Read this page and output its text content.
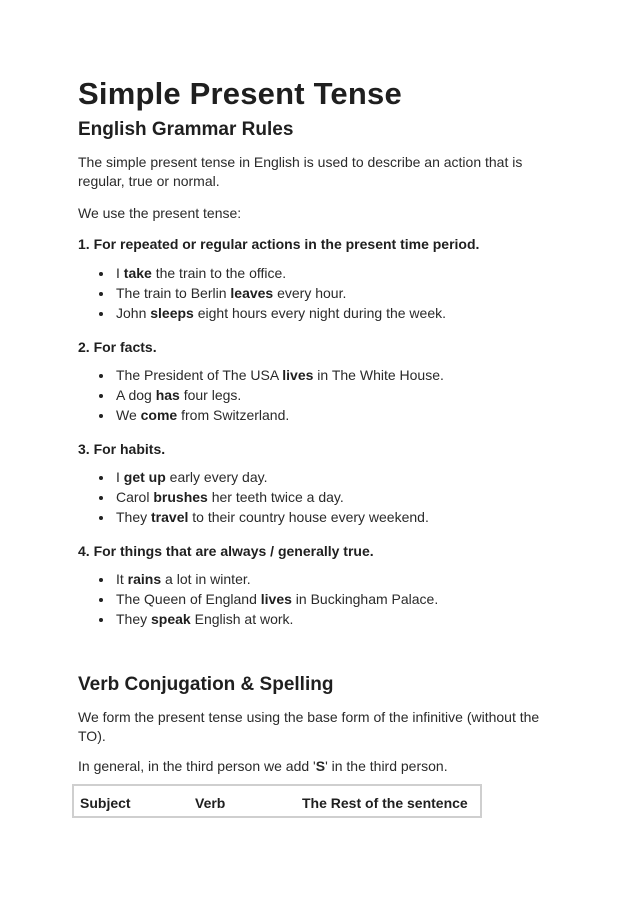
Simple Present Tense
English Grammar Rules

The simple present tense in English is used to describe an action that is regular, true or normal.

We use the present tense:

1. For repeated or regular actions in the present time period.

I take the train to the office.
The train to Berlin leaves every hour.
John sleeps eight hours every night during the week.

2. For facts.

The President of The USA lives in The White House.
A dog has four legs.
We come from Switzerland.

3. For habits.

I get up early every day.
Carol brushes her teeth twice a day.
They travel to their country house every weekend.

4. For things that are always / generally true.

It rains a lot in winter.
The Queen of England lives in Buckingham Palace.
They speak English at work.
Verb Conjugation & Spelling

We form the present tense using the base form of the infinitive (without the TO).

In general, in the third person we add 'S' in the third person.

Subject	Verb	The Rest of the sentence
